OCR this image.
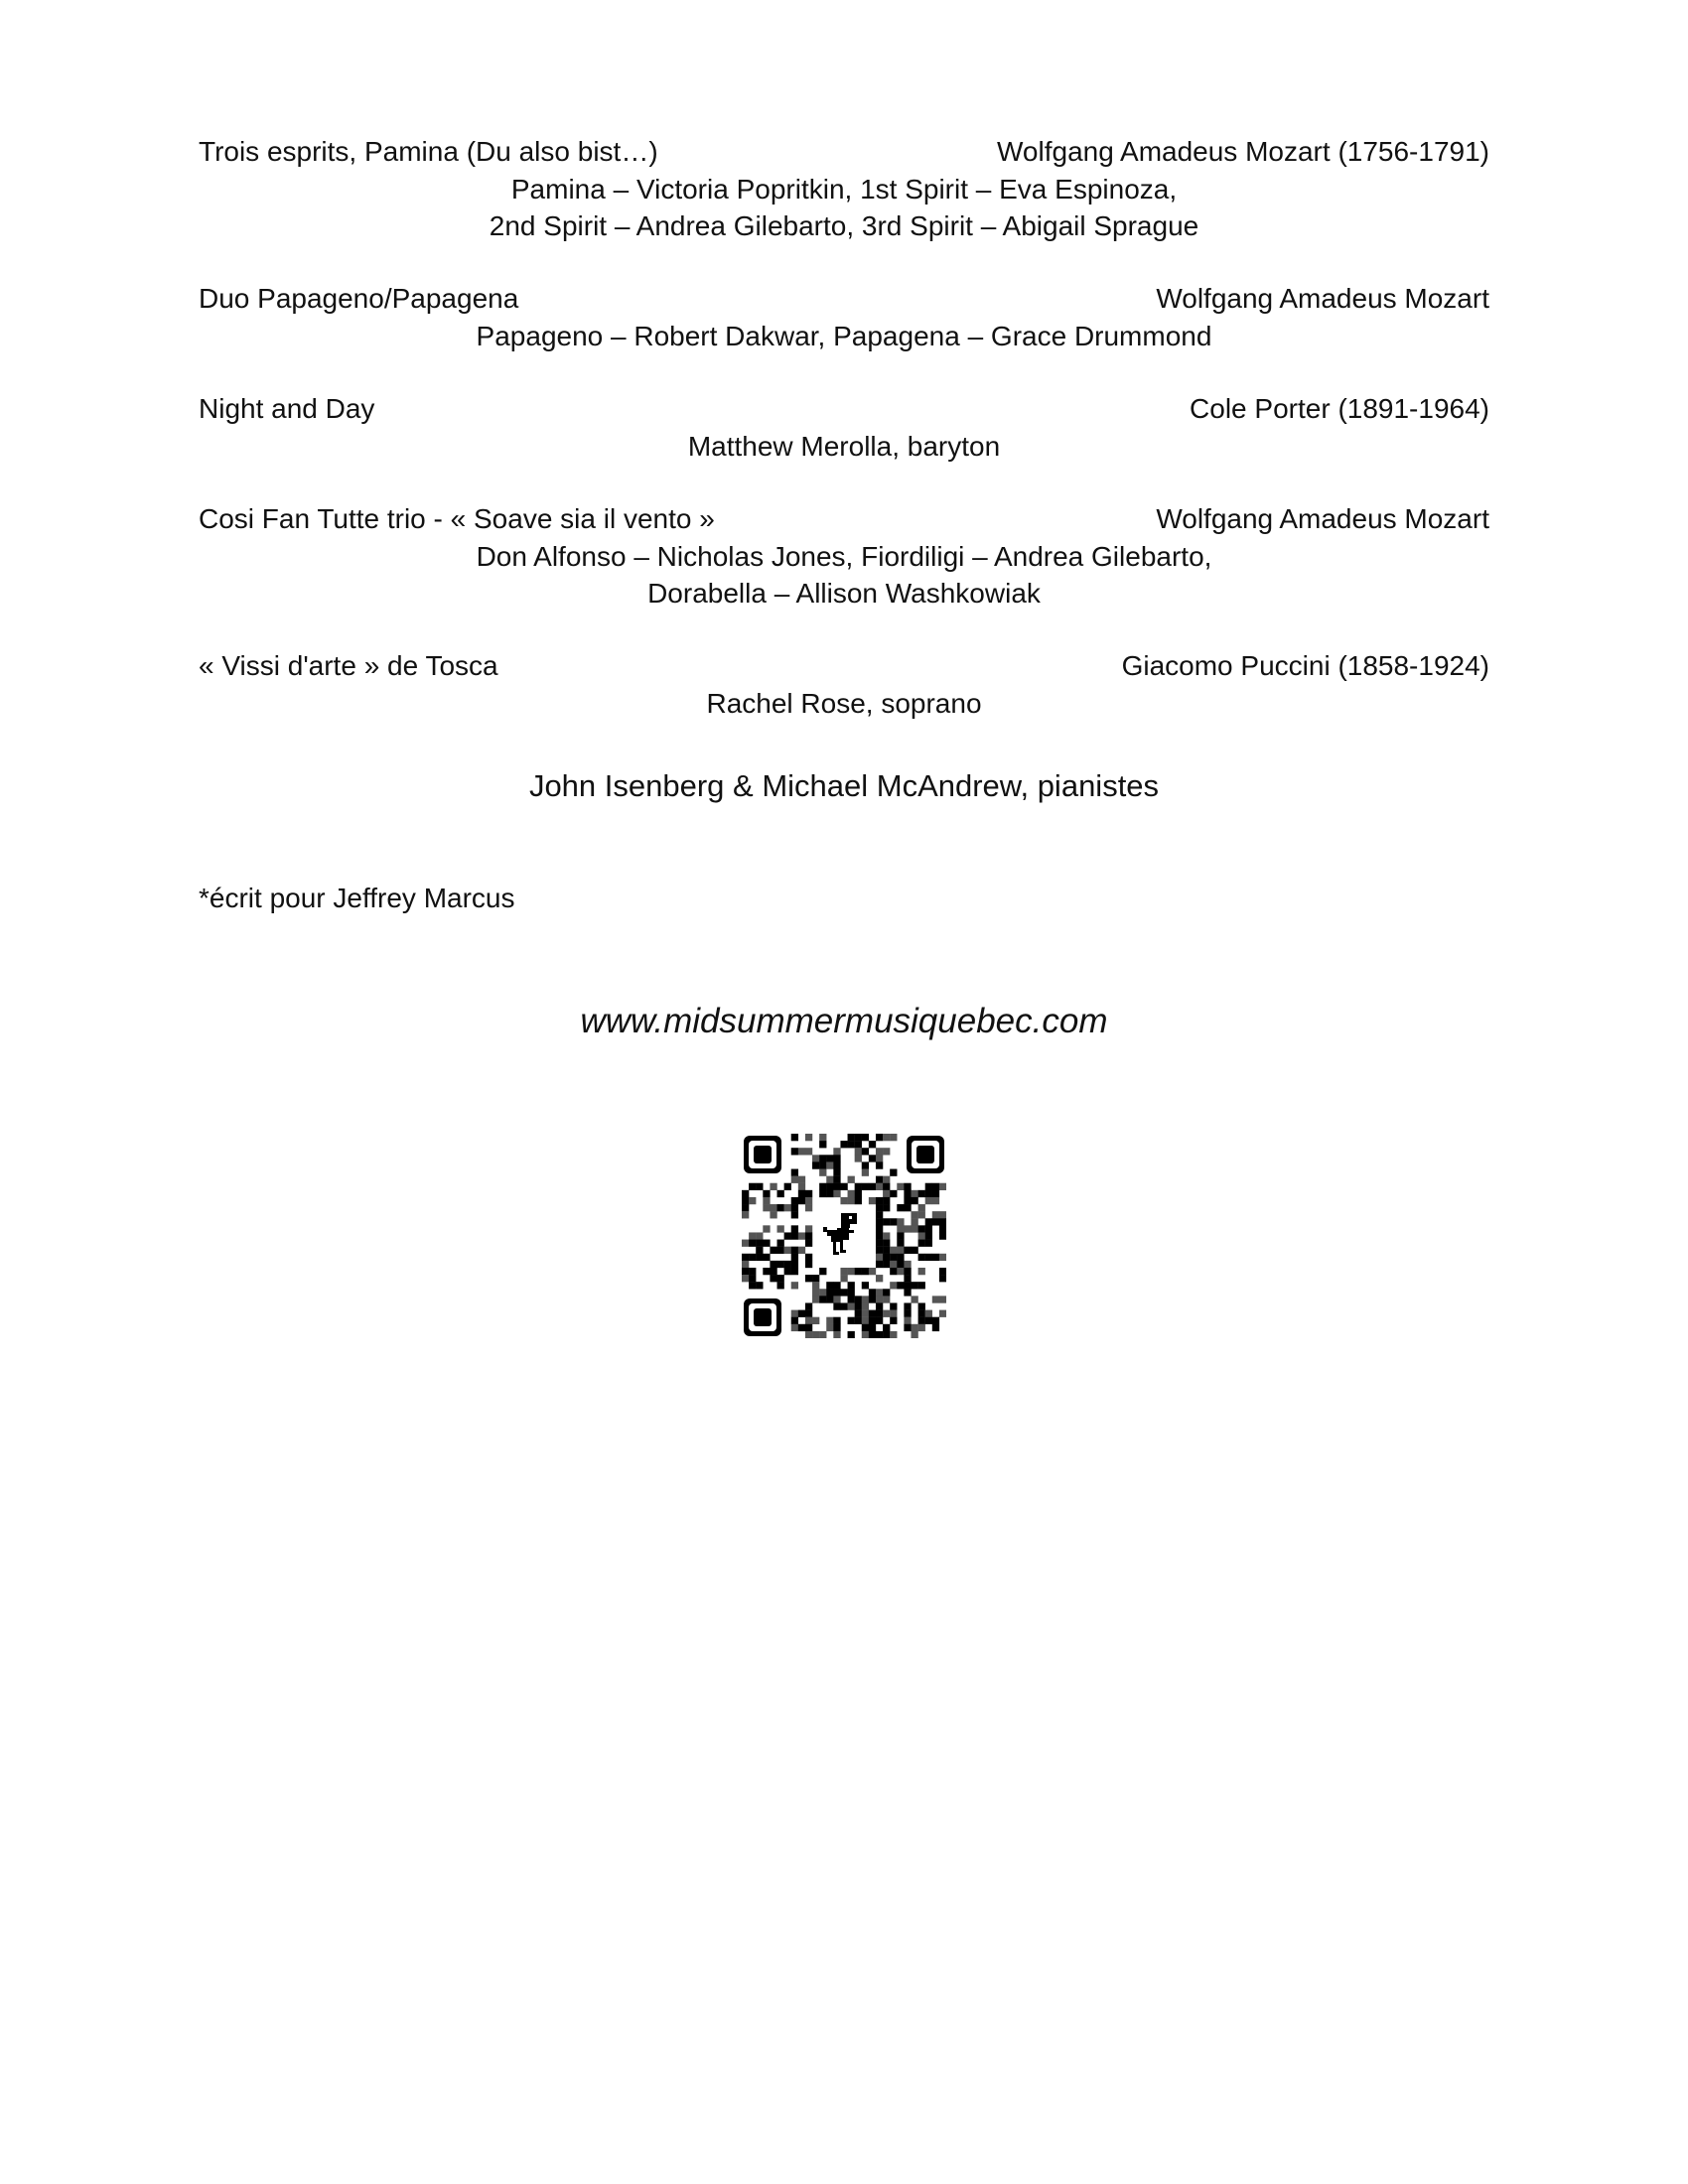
Trois esprits, Pamina (Du also bist…)	Wolfgang Amadeus Mozart (1756-1791)
Pamina – Victoria Popritkin, 1st Spirit – Eva Espinoza,
2nd Spirit – Andrea Gilebarto, 3rd Spirit – Abigail Sprague
Duo Papageno/Papagena	Wolfgang Amadeus Mozart
Papageno – Robert Dakwar, Papagena – Grace Drummond
Night and Day	Cole Porter (1891-1964)
Matthew Merolla, baryton
Cosi Fan Tutte trio - « Soave sia il vento »	Wolfgang Amadeus Mozart
Don Alfonso – Nicholas Jones, Fiordiligi – Andrea Gilebarto,
Dorabella – Allison Washkowiak
« Vissi d'arte » de Tosca	Giacomo Puccini (1858-1924)
Rachel Rose, soprano
John Isenberg & Michael McAndrew, pianistes
*écrit pour Jeffrey Marcus
www.midsummermusiquebec.com
